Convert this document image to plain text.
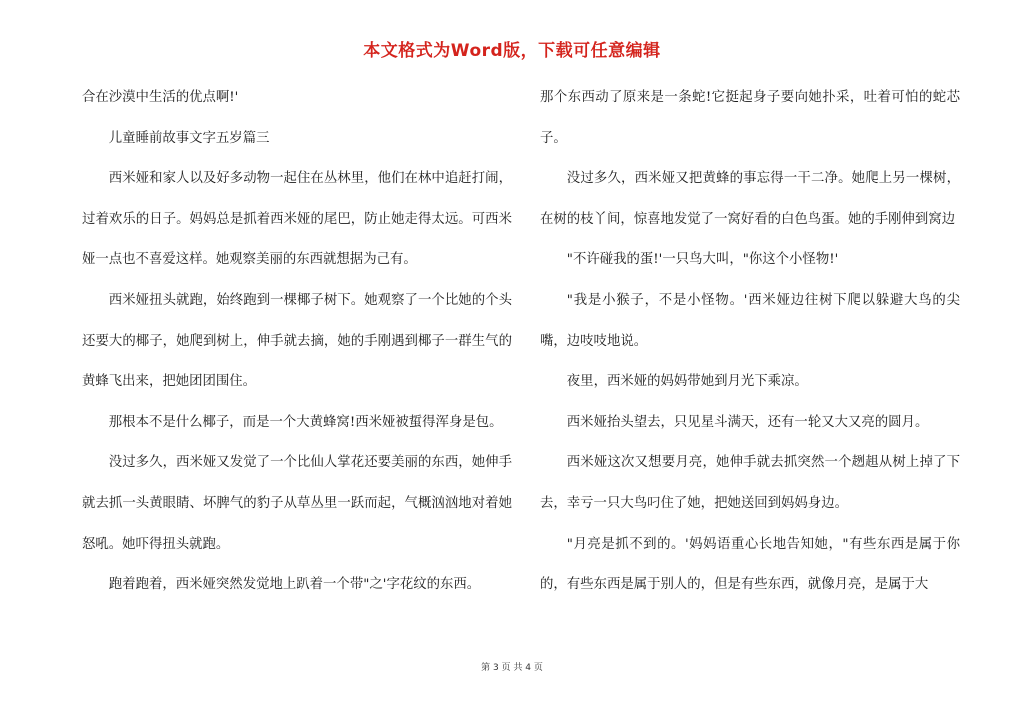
本文格式为Word版，下载可任意编辑

合在沙漠中生活的优点啊!'

儿童睡前故事文字五岁篇三

西米娅和家人以及好多动物一起住在丛林里，他们在林中追赶打闹，过着欢乐的日子。妈妈总是抓着西米娅的尾巴，防止她走得太远。可西米娅一点也不喜爱这样。她观察美丽的东西就想据为己有。

西米娅扭头就跑，始终跑到一棵椰子树下。她观察了一个比她的个头还要大的椰子，她爬到树上，伸手就去摘，她的手刚遇到椰子一群生气的黄蜂飞出来，把她团团围住。

那根本不是什么椰子，而是一个大黄蜂窝!西米娅被蜇得浑身是包。

没过多久，西米娅又发觉了一个比仙人掌花还要美丽的东西，她伸手就去抓一头黄眼睛、坏脾气的豹子从草丛里一跃而起，气概汹汹地对着她怒吼。她吓得扭头就跑。

跑着跑着，西米娅突然发觉地上趴着一个带"之'字花纹的东西。

那个东西动了原来是一条蛇!它挺起身子要向她扑采，吐着可怕的蛇芯子。

没过多久，西米娅又把黄蜂的事忘得一干二净。她爬上另一棵树，在树的枝丫间，惊喜地发觉了一窝好看的白色鸟蛋。她的手刚伸到窝边

"不许碰我的蛋!'一只鸟大叫，"你这个小怪物!'

"我是小猴子，不是小怪物。'西米娅边往树下爬以躲避大鸟的尖嘴，边吱吱地说。

夜里，西米娅的妈妈带她到月光下乘凉。

西米娅抬头望去，只见星斗满天，还有一轮又大又亮的圆月。

西米娅这次又想要月亮，她伸手就去抓突然一个趔趄从树上掉了下去，幸亏一只大鸟叼住了她，把她送回到妈妈身边。

"月亮是抓不到的。'妈妈语重心长地告知她，"有些东西是属于你的，有些东西是属于别人的，但是有些东西，就像月亮，是属于大

第 3 页 共 4 页
